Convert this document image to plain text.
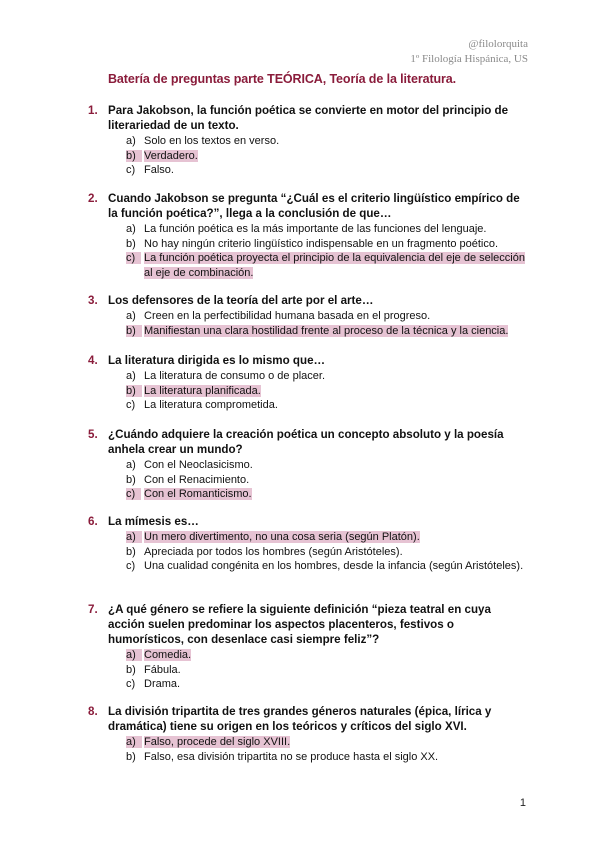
@filolorquita
1º Filología Hispánica, US
Batería de preguntas parte TEÓRICA, Teoría de la literatura.
1. Para Jakobson, la función poética se convierte en motor del principio de literariedad de un texto.
a) Solo en los textos en verso.
b) Verdadero.
c) Falso.
2. Cuando Jakobson se pregunta “¿Cuál es el criterio lingüístico empírico de la función poética?”, llega a la conclusión de que…
a) La función poética es la más importante de las funciones del lenguaje.
b) No hay ningún criterio lingüístico indispensable en un fragmento poético.
c) La función poética proyecta el principio de la equivalencia del eje de selección al eje de combinación.
3. Los defensores de la teoría del arte por el arte…
a) Creen en la perfectibilidad humana basada en el progreso.
b) Manifiestan una clara hostilidad frente al proceso de la técnica y la ciencia.
4. La literatura dirigida es lo mismo que…
a) La literatura de consumo o de placer.
b) La literatura planificada.
c) La literatura comprometida.
5. ¿Cuándo adquiere la creación poética un concepto absoluto y la poesía anhela crear un mundo?
a) Con el Neoclasicismo.
b) Con el Renacimiento.
c) Con el Romanticismo.
6. La mímesis es…
a) Un mero divertimento, no una cosa seria (según Platón).
b) Apreciada por todos los hombres (según Aristóteles).
c) Una cualidad congénita en los hombres, desde la infancia (según Aristóteles).
7. ¿A qué género se refiere la siguiente definición “pieza teatral en cuya acción suelen predominar los aspectos placenteros, festivos o humorísticos, con desenlace casi siempre feliz”?
a) Comedia.
b) Fábula.
c) Drama.
8. La división tripartita de tres grandes géneros naturales (épica, lírica y dramática) tiene su origen en los teóricos y críticos del siglo XVI.
a) Falso, procede del siglo XVIII.
b) Falso, esa división tripartita no se produce hasta el siglo XX.
1
